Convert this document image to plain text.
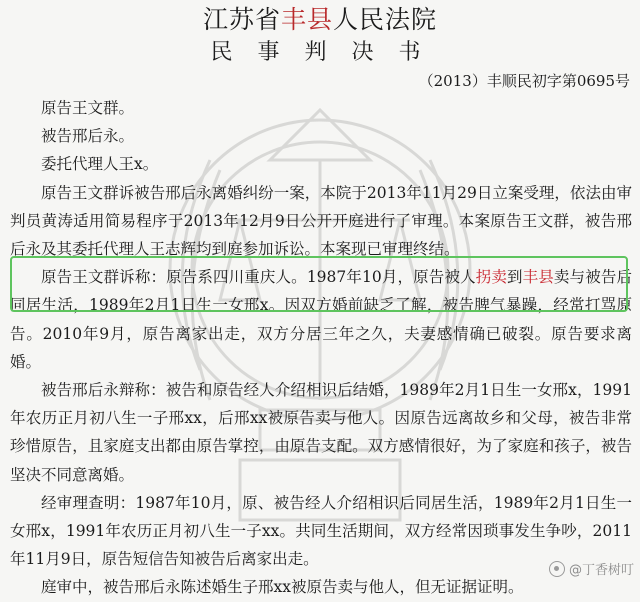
江苏省丰县人民法院
民 事 判 决 书
（2013）丰顺民初字第0695号

原告王文群。

被告邢后永。

委托代理人王x。

原告王文群诉被告邢后永离婚纠纷一案，本院于2013年11月29日立案受理，依法由审判员黄涛适用简易程序于2013年12月9日公开开庭进行了审理。本案原告王文群，被告邢后永及其委托代理人王志辉均到庭参加诉讼。本案现已审理终结。

原告王文群诉称：原告系四川重庆人。1987年10月，原告被人拐卖到丰县卖与被告后同居生活，1989年2月1日生一女邢x。因双方婚前缺乏了解，被告脾气暴躁，经常打骂原告。2010年9月，原告离家出走，双方分居三年之久，夫妻感情确已破裂。原告要求离婚。

被告邢后永辩称：被告和原告经人介绍相识后结婚，1989年2月1日生一女邢x，1991年农历正月初八生一子邢xx，后邢xx被原告卖与他人。因原告远离故乡和父母，被告非常珍惜原告，且家庭支出都由原告掌控，由原告支配。双方感情很好，为了家庭和孩子，被告坚决不同意离婚。

经审理查明：1987年10月，原、被告经人介绍相识后同居生活，1989年2月1日生一女邢x，1991年农历正月初八生一子xx。共同生活期间，双方经常因琐事发生争吵，2011年11月9日，原告短信告知被告后离家出走。

庭审中，被告邢后永陈述婚生子邢xx被原告卖与他人，但无证据证明。

@丁香树叮
